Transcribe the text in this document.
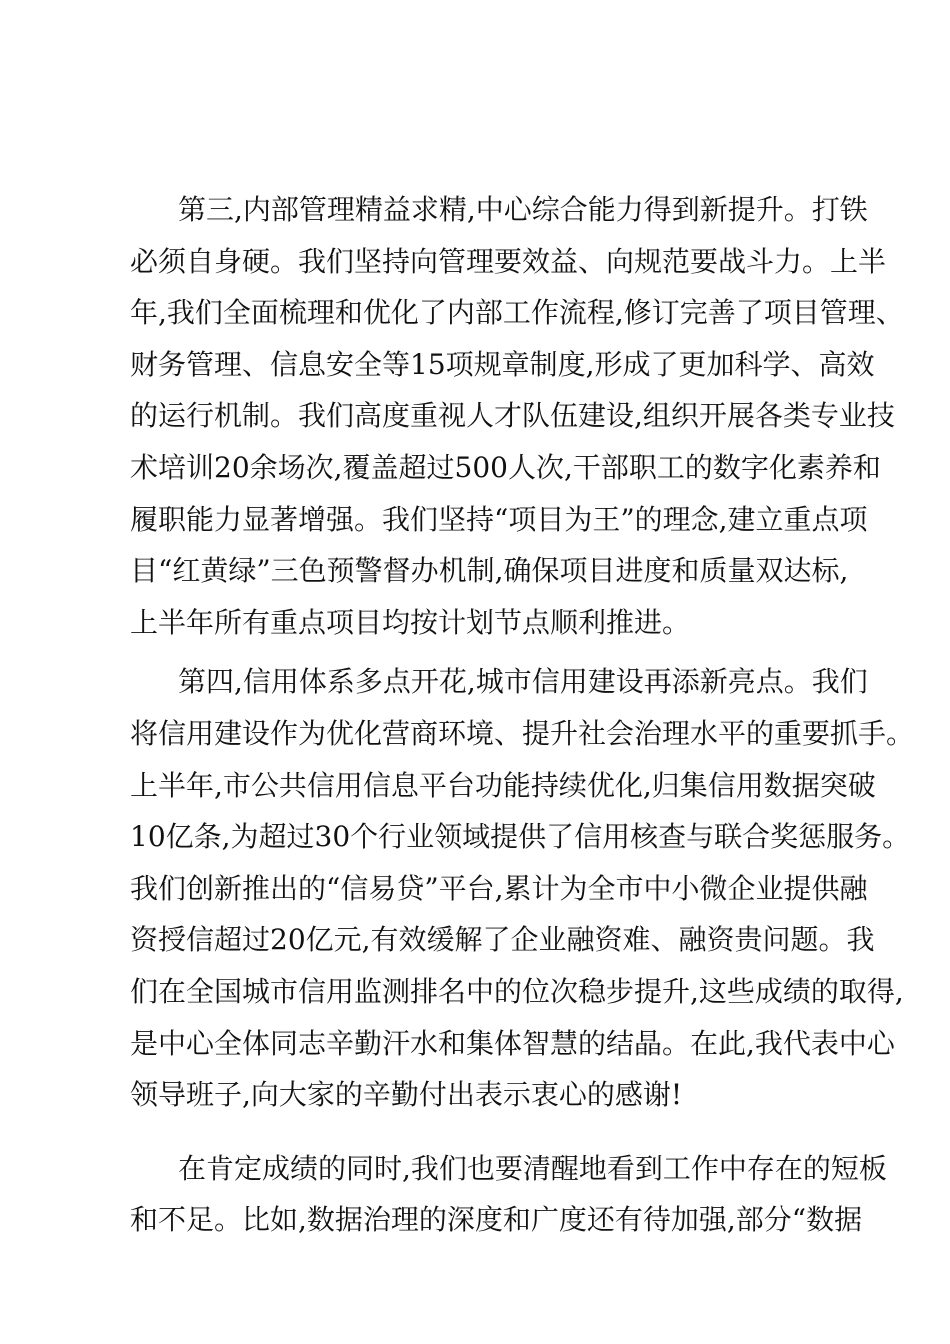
第三,内部管理精益求精,中心综合能力得到新提升。打铁
必须自身硬。我们坚持向管理要效益、向规范要战斗力。上半
年,我们全面梳理和优化了内部工作流程,修订完善了项目管理、
财务管理、信息安全等15项规章制度,形成了更加科学、高效
的运行机制。我们高度重视人才队伍建设,组织开展各类专业技
术培训20余场次,覆盖超过500人次,干部职工的数字化素养和
履职能力显著增强。我们坚持“项目为王”的理念,建立重点项
目“红黄绿”三色预警督办机制,确保项目进度和质量双达标,
上半年所有重点项目均按计划节点顺利推进。
第四,信用体系多点开花,城市信用建设再添新亮点。我们
将信用建设作为优化营商环境、提升社会治理水平的重要抓手。
上半年,市公共信用信息平台功能持续优化,归集信用数据突破
10亿条,为超过30个行业领域提供了信用核查与联合奖惩服务。
我们创新推出的“信易贷”平台,累计为全市中小微企业提供融
资授信超过20亿元,有效缓解了企业融资难、融资贵问题。我
们在全国城市信用监测排名中的位次稳步提升,这些成绩的取得,
是中心全体同志辛勤汗水和集体智慧的结晶。在此,我代表中心
领导班子,向大家的辛勤付出表示衷心的感谢!
在肯定成绩的同时,我们也要清醒地看到工作中存在的短板
和不足。比如,数据治理的深度和广度还有待加强,部分“数据
